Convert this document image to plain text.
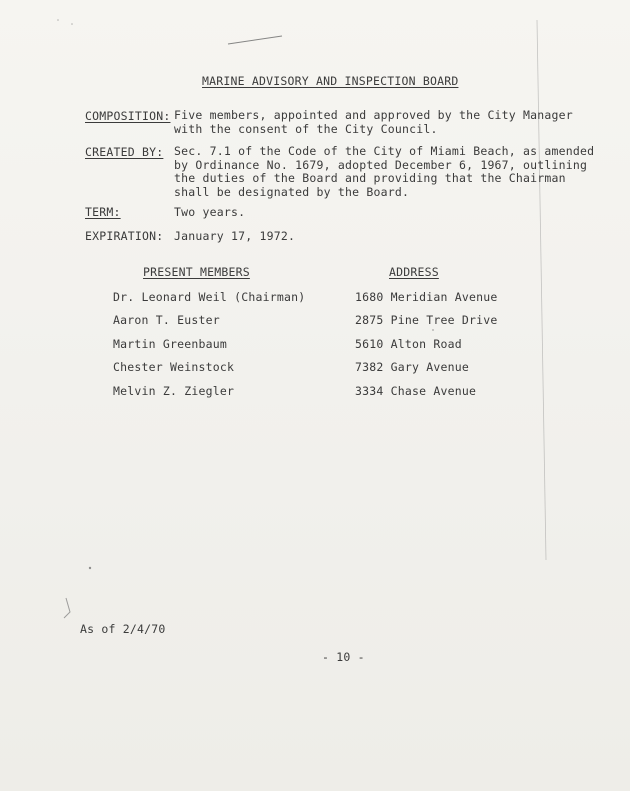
MARINE ADVISORY AND INSPECTION BOARD
COMPOSITION: Five members, appointed and approved by the City Manager
with the consent of the City Council.
CREATED BY: Sec. 7.1 of the Code of the City of Miami Beach, as amended
by Ordinance No. 1679, adopted December 6, 1967, outlining
the duties of the Board and providing that the Chairman
shall be designated by the Board.
TERM:	Two years.
EXPIRATION: January 17, 1972.
PRESENT MEMBERS	ADDRESS
Dr. Leonard Weil (Chairman)	1680 Meridian Avenue
Aaron T. Euster	2875 Pine Tree Drive
Martin Greenbaum	5610 Alton Road
Chester Weinstock	7382 Gary Avenue
Melvin Z. Ziegler	3334 Chase Avenue
As of 2/4/70
- 10 -
